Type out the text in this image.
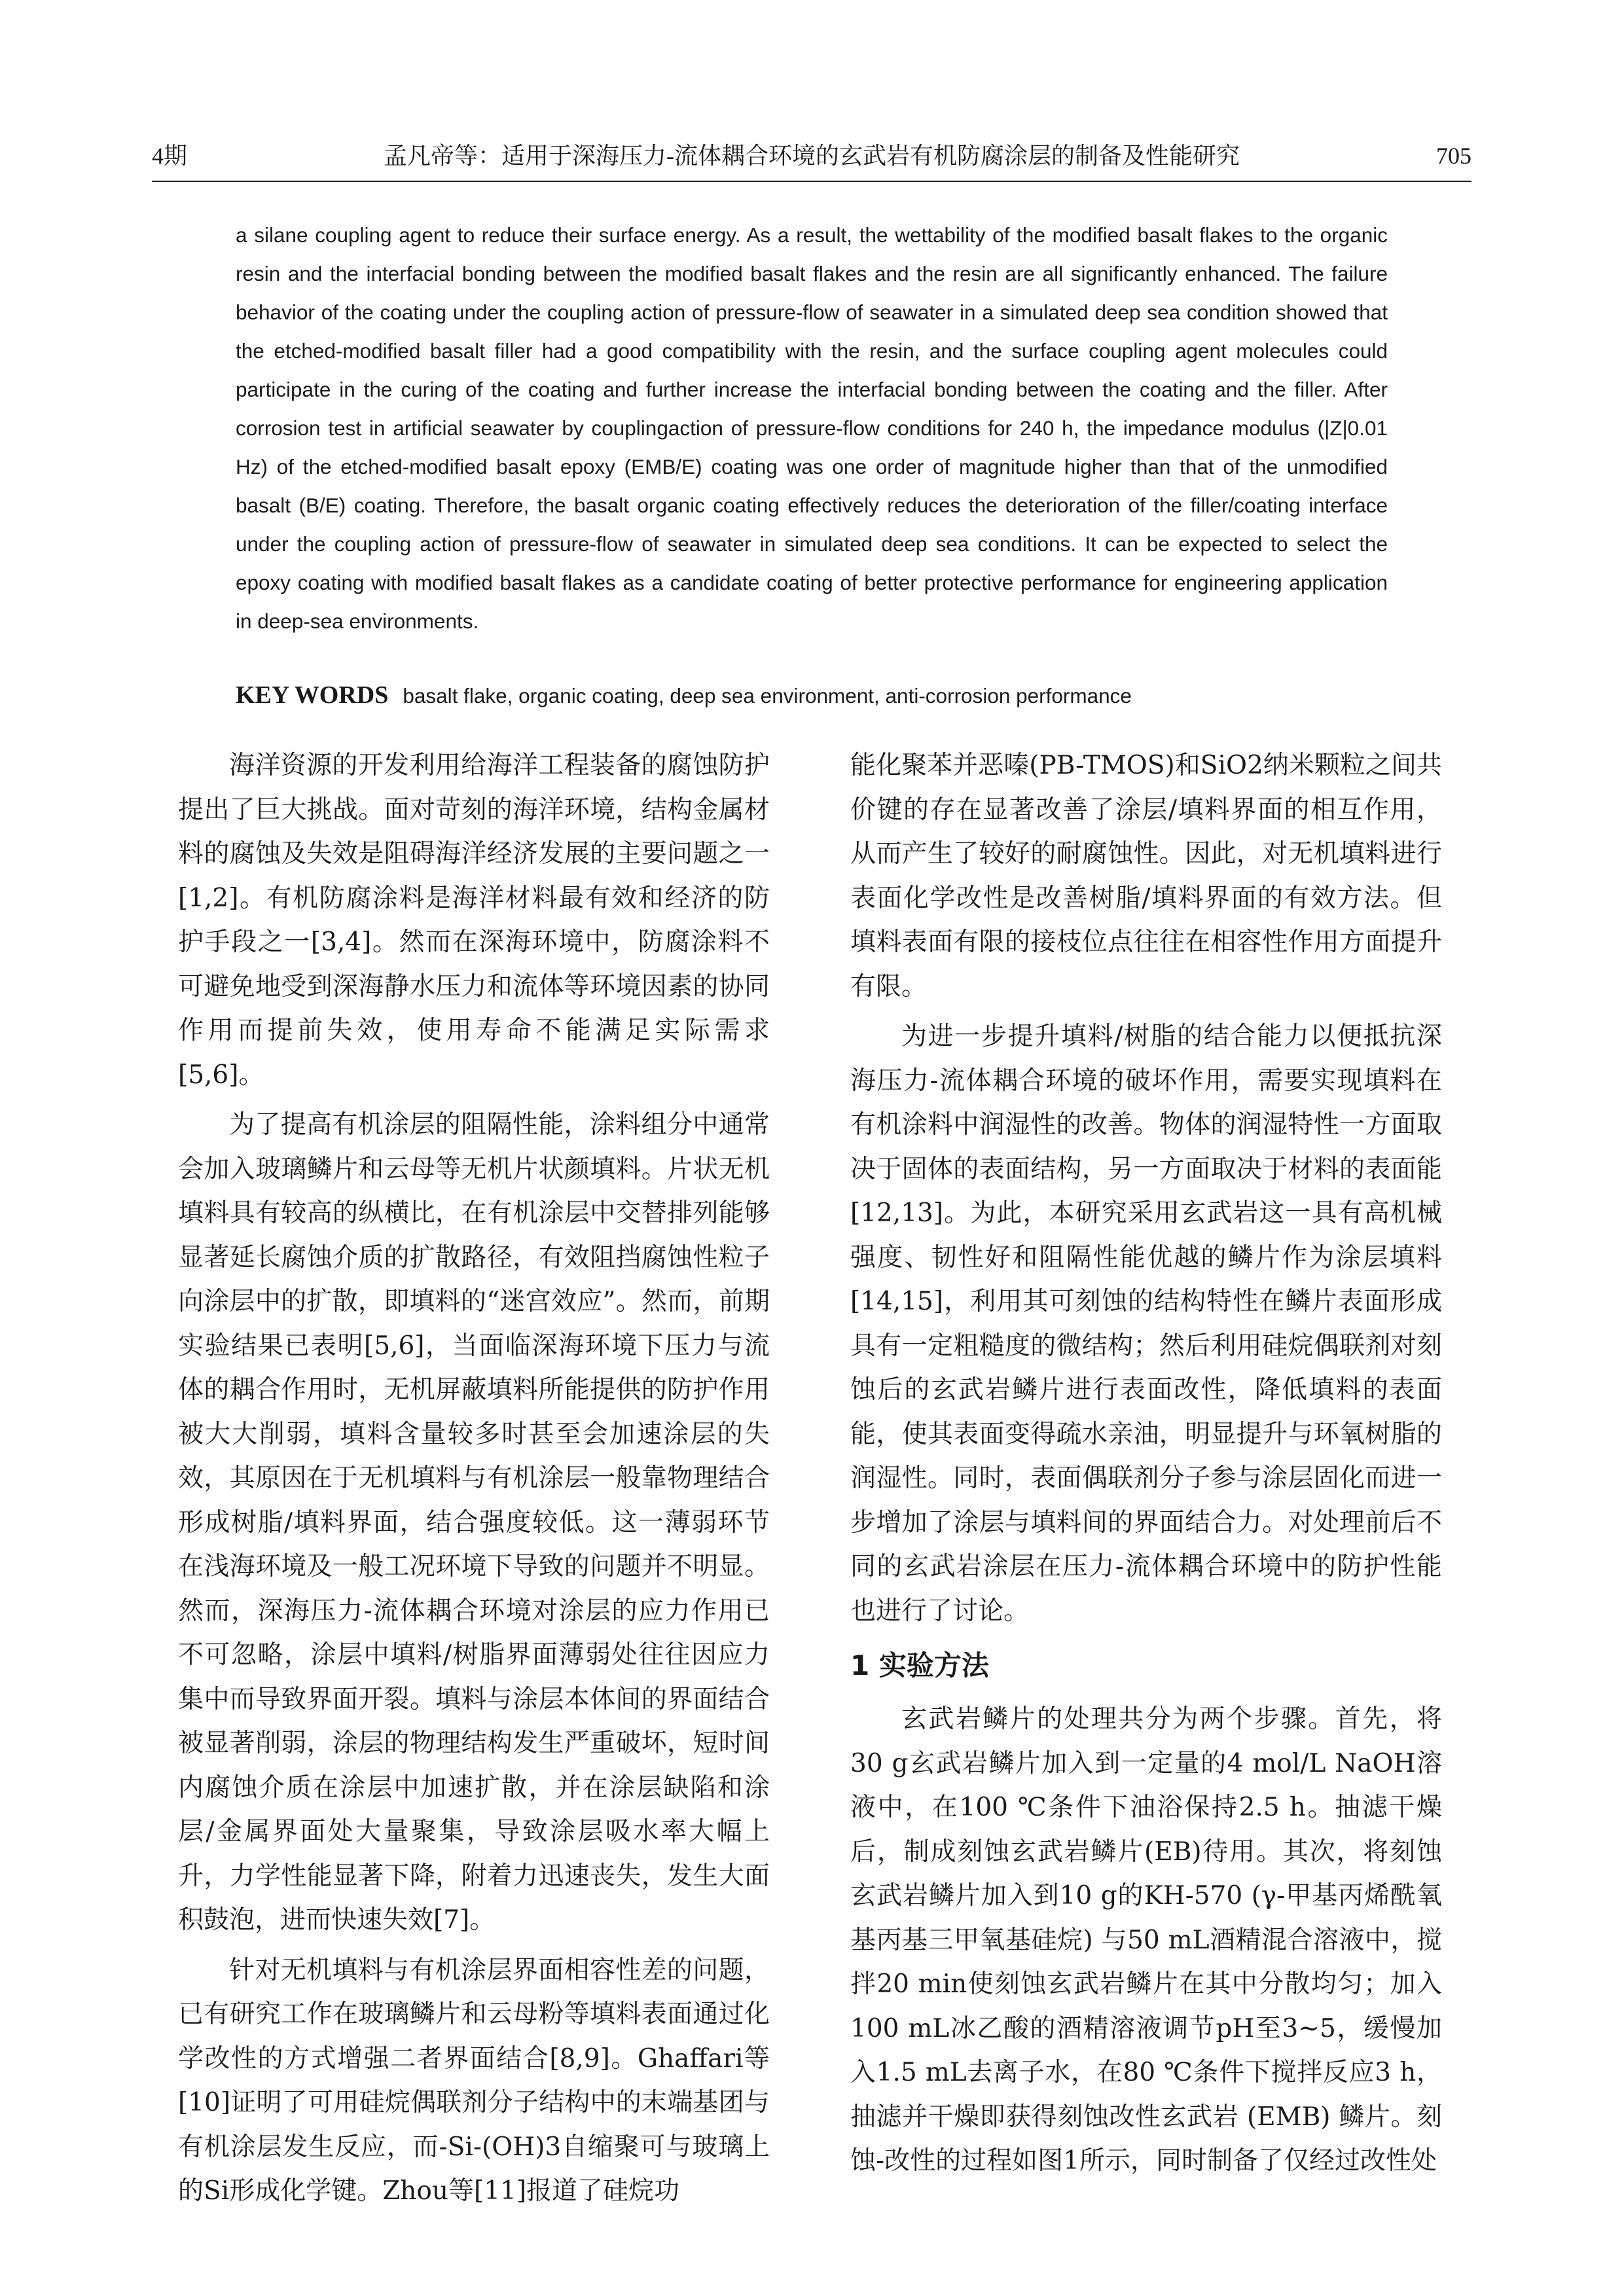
4期	孟凡帝等：适用于深海压力-流体耦合环境的玄武岩有机防腐涂层的制备及性能研究	705

a silane coupling agent to reduce their surface energy. As a result, the wettability of the modified basalt flakes to the organic resin and the interfacial bonding between the modified basalt flakes and the resin are all significantly enhanced. The failure behavior of the coating under the coupling action of pressure-flow of seawater in a simulated deep sea condition showed that the etched-modified basalt filler had a good compatibility with the resin, and the surface coupling agent molecules could participate in the curing of the coating and further increase the interfacial bonding between the coating and the filler. After corrosion test in artificial seawater by couplingaction of pressure-flow conditions for 240 h, the impedance modulus (|Z|0.01 Hz) of the etched-modified basalt epoxy (EMB/E) coating was one order of magnitude higher than that of the unmodified basalt (B/E) coating. Therefore, the basalt organic coating effectively reduces the deterioration of the filler/coating interface under the coupling action of pressure-flow of seawater in simulated deep sea conditions. It can be expected to select the epoxy coating with modified basalt flakes as a candidate coating of better protective performance for engineering application in deep-sea environments.

KEY WORDS basalt flake, organic coating, deep sea environment, anti-corrosion performance

海洋资源的开发利用给海洋工程装备的腐蚀防护提出了巨大挑战。面对苛刻的海洋环境，结构金属材料的腐蚀及失效是阻碍海洋经济发展的主要问题之一[1,2]。有机防腐涂料是海洋材料最有效和经济的防护手段之一[3,4]。然而在深海环境中，防腐涂料不可避免地受到深海静水压力和流体等环境因素的协同作用而提前失效，使用寿命不能满足实际需求[5,6]。

为了提高有机涂层的阻隔性能，涂料组分中通常会加入玻璃鳞片和云母等无机片状颜填料。片状无机填料具有较高的纵横比，在有机涂层中交替排列能够显著延长腐蚀介质的扩散路径，有效阻挡腐蚀性粒子向涂层中的扩散，即填料的“迷宫效应”。然而，前期实验结果已表明[5,6]，当面临深海环境下压力与流体的耦合作用时，无机屏蔽填料所能提供的防护作用被大大削弱，填料含量较多时甚至会加速涂层的失效，其原因在于无机填料与有机涂层一般靠物理结合形成树脂/填料界面，结合强度较低。这一薄弱环节在浅海环境及一般工况环境下导致的问题并不明显。然而，深海压力-流体耦合环境对涂层的应力作用已不可忽略，涂层中填料/树脂界面薄弱处往往因应力集中而导致界面开裂。填料与涂层本体间的界面结合被显著削弱，涂层的物理结构发生严重破坏，短时间内腐蚀介质在涂层中加速扩散，并在涂层缺陷和涂层/金属界面处大量聚集，导致涂层吸水率大幅上升，力学性能显著下降，附着力迅速丧失，发生大面积鼓泡，进而快速失效[7]。

针对无机填料与有机涂层界面相容性差的问题，已有研究工作在玻璃鳞片和云母粉等填料表面通过化学改性的方式增强二者界面结合[8,9]。Ghaffari等[10]证明了可用硅烷偶联剂分子结构中的末端基团与有机涂层发生反应，而-Si-(OH)3自缩聚可与玻璃上的Si形成化学键。Zhou等[11]报道了硅烷功

能化聚苯并恶嗪(PB-TMOS)和SiO2纳米颗粒之间共价键的存在显著改善了涂层/填料界面的相互作用，从而产生了较好的耐腐蚀性。因此，对无机填料进行表面化学改性是改善树脂/填料界面的有效方法。但填料表面有限的接枝位点往往在相容性作用方面提升有限。

为进一步提升填料/树脂的结合能力以便抵抗深海压力-流体耦合环境的破坏作用，需要实现填料在有机涂料中润湿性的改善。物体的润湿特性一方面取决于固体的表面结构，另一方面取决于材料的表面能[12,13]。为此，本研究采用玄武岩这一具有高机械强度、韧性好和阻隔性能优越的鳞片作为涂层填料[14,15]，利用其可刻蚀的结构特性在鳞片表面形成具有一定粗糙度的微结构；然后利用硅烷偶联剂对刻蚀后的玄武岩鳞片进行表面改性，降低填料的表面能，使其表面变得疏水亲油，明显提升与环氧树脂的润湿性。同时，表面偶联剂分子参与涂层固化而进一步增加了涂层与填料间的界面结合力。对处理前后不同的玄武岩涂层在压力-流体耦合环境中的防护性能也进行了讨论。

1 实验方法

玄武岩鳞片的处理共分为两个步骤。首先，将30 g玄武岩鳞片加入到一定量的4 mol/L NaOH溶液中，在100 ℃条件下油浴保持2.5 h。抽滤干燥后，制成刻蚀玄武岩鳞片(EB)待用。其次，将刻蚀玄武岩鳞片加入到10 g的KH-570 (γ-甲基丙烯酰氧基丙基三甲氧基硅烷) 与50 mL酒精混合溶液中，搅拌20 min使刻蚀玄武岩鳞片在其中分散均匀；加入100 mL冰乙酸的酒精溶液调节pH至3~5，缓慢加入1.5 mL去离子水，在80 ℃条件下搅拌反应3 h，抽滤并干燥即获得刻蚀改性玄武岩 (EMB) 鳞片。刻蚀-改性的过程如图1所示，同时制备了仅经过改性处
